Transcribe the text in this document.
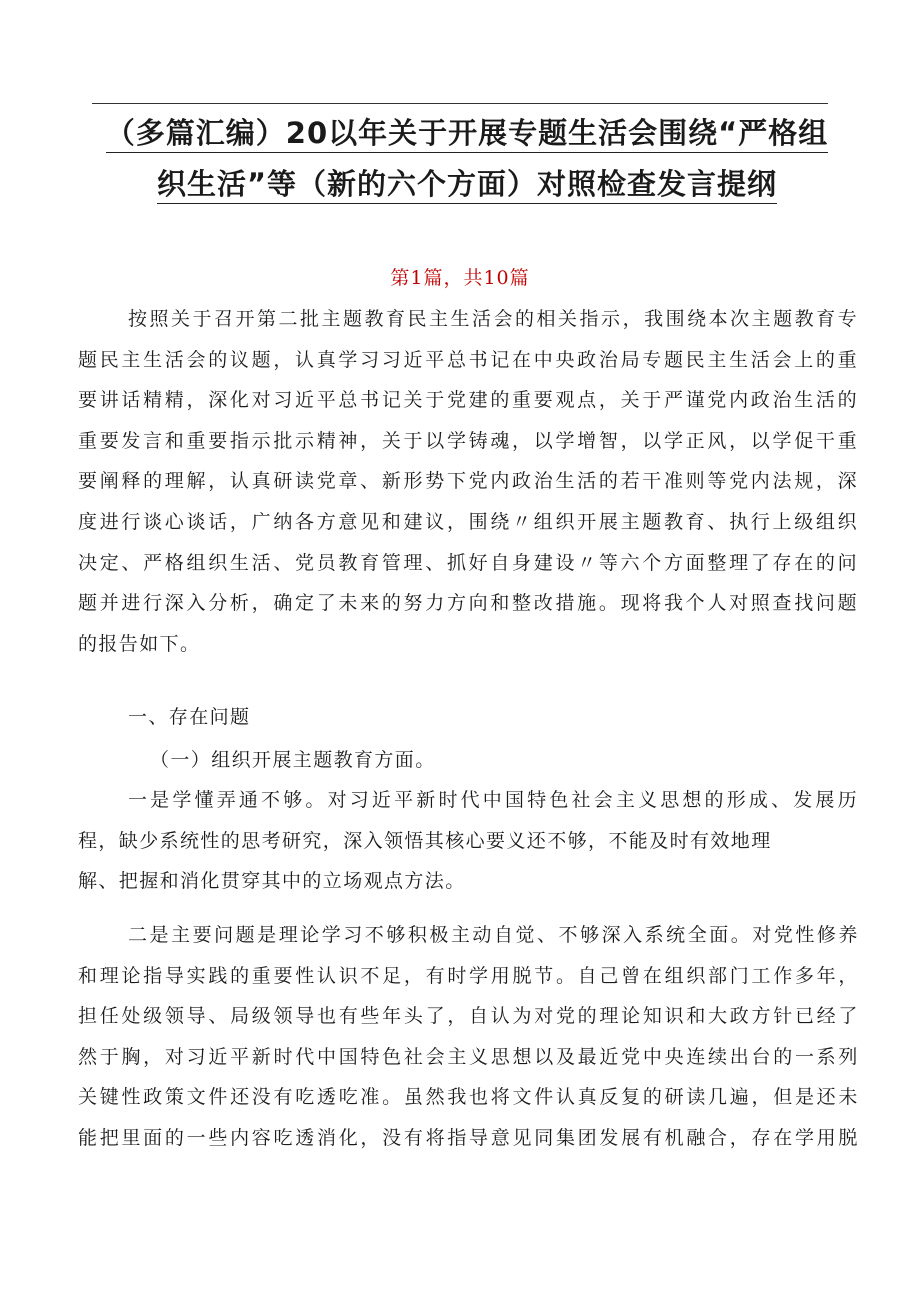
（多篇汇编）20以年关于开展专题生活会围绕“严格组
织生活”等（新的六个方面）对照检查发言提纲
第1篇，共10篇
按照关于召开第二批主题教育民主生活会的相关指示，我围绕本次主题教育专
题民主生活会的议题，认真学习习近平总书记在中央政治局专题民主生活会上的重
要讲话精精，深化对习近平总书记关于党建的重要观点，关于严谨党内政治生活的
重要发言和重要指示批示精神，关于以学铸魂，以学增智，以学正风，以学促干重
要阐释的理解，认真研读党章、新形势下党内政治生活的若干准则等党内法规，深
度进行谈心谈话，广纳各方意见和建议，围绕〃组织开展主题教育、执行上级组织
决定、严格组织生活、党员教育管理、抓好自身建设〃等六个方面整理了存在的问
题并进行深入分析，确定了未来的努力方向和整改措施。现将我个人对照查找问题
的报告如下。
一、存在问题
（一）组织开展主题教育方面。
一是学懂弄通不够。对习近平新时代中国特色社会主义思想的形成、发展历
程，缺少系统性的思考研究，深入领悟其核心要义还不够，不能及时有效地理
解、把握和消化贯穿其中的立场观点方法。
二是主要问题是理论学习不够积极主动自觉、不够深入系统全面。对党性修养
和理论指导实践的重要性认识不足，有时学用脱节。自己曾在组织部门工作多年，
担任处级领导、局级领导也有些年头了，自认为对党的理论知识和大政方针已经了
然于胸，对习近平新时代中国特色社会主义思想以及最近党中央连续出台的一系列
关键性政策文件还没有吃透吃准。虽然我也将文件认真反复的研读几遍，但是还未
能把里面的一些内容吃透消化，没有将指导意见同集团发展有机融合，存在学用脱
